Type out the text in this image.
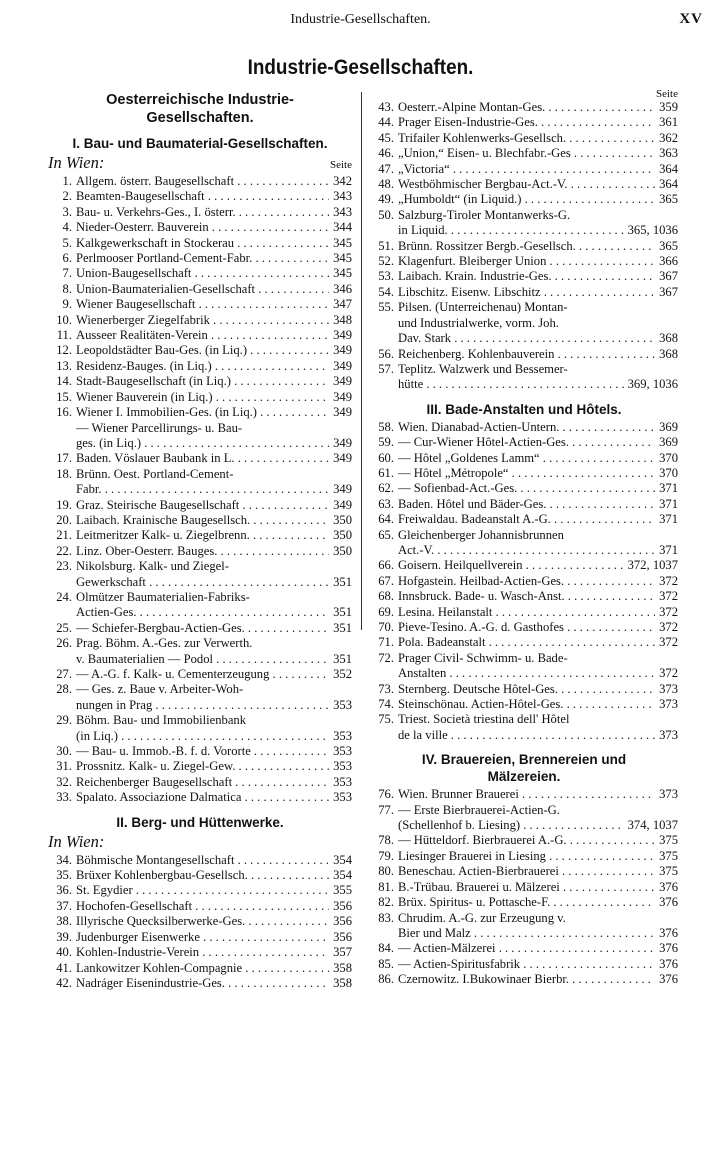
Industrie-Gesellschaften.	XV
Industrie-Gesellschaften.
Oesterreichische Industrie-
Gesellschaften.
I. Bau- und Baumaterial-Gesellschaften.
In Wien:	Seite
1. Allgem. österr. Baugesellschaft . . .	342
2. Beamten-Baugesellschaft . . .	343
3. Bau- u. Verkehrs-Ges., I. österr. . . .	343
4. Nieder-Oesterr. Bauverein . . .	344
5. Kalkgewerkschaft in Stockerau . . .	345
6. Perlmooser Portland-Cement-Fabr. . . .	345
7. Union-Baugesellschaft . . .	345
8. Union-Baumaterialien-Gesellschaft . . .	346
9. Wiener Baugesellschaft . . .	347
10. Wienerberger Ziegelfabrik . . .	348
11. Ausseer Realitäten-Verein . . .	349
12. Leopoldstädter Bau-Ges. (in Liq.) . . .	349
13. Residenz-Bauges. (in Liq.) . . .	349
14. Stadt-Baugesellschaft (in Liq.) . . .	349
15. Wiener Bauverein (in Liq.) . . .	349
16. Wiener I. Immobilien-Ges. (in Liq.) . . .	349
— Wiener Parcellirungs- u. Bau-
ges. (in Liq.) . . .	349
17. Baden. Vöslauer Baubank in L. . . .	349
18. Brünn. Oest. Portland-Cement-
Fabr. . . .	349
19. Graz. Steirische Baugesellschaft . . .	349
20. Laibach. Krainische Baugesellsch. . . .	350
21. Leitmeritzer Kalk- u. Ziegelbrenn. . . .	350
22. Linz. Ober-Oesterr. Bauges. . . .	350
23. Nikolsburg. Kalk- und Ziegel-
Gewerkschaft . . .	351
24. Olmützer Baumaterialien-Fabriks-
Actien-Ges. . . .	351
25. — Schiefer-Bergbau-Actien-Ges. . . .	351
26. Prag. Böhm. A.-Ges. zur Verwerth.
v. Baumaterialien — Podol . . .	351
27. — A.-G. f. Kalk- u. Cementerzeugung . . .	352
28. — Ges. z. Baue v. Arbeiter-Woh-
nungen in Prag . . .	353
29. Böhm. Bau- und Immobilienbank
(in Liq.) . . .	353
30. — Bau- u. Immob.-B. f. d. Vororte . . .	353
31. Prossnitz. Kalk- u. Ziegel-Gew. . . .	353
32. Reichenberger Baugesellschaft . . .	353
33. Spalato. Associazione Dalmatica . . .	353
II. Berg- und Hüttenwerke.
In Wien:
34. Böhmische Montangesellschaft . . .	354
35. Brüxer Kohlenbergbau-Gesellsch. . . .	354
36. St. Egydier . . .	355
37. Hochofen-Gesellschaft . . .	356
38. Illyrische Quecksilberwerke-Ges. . . .	356
39. Judenburger Eisenwerke . . .	356
40. Kohlen-Industrie-Verein . . .	357
41. Lankowitzer Kohlen-Compagnie . . .	358
42. Nadráger Eisenindustrie-Ges. . . .	358
Seite
43. Oesterr.-Alpine Montan-Ges. . . .	359
44. Prager Eisen-Industrie-Ges. . . .	361
45. Trifailer Kohlenwerks-Gesellsch. . . .	362
46. „Union,“ Eisen- u. Blechfabr.-Ges . . .	363
47. „Victoria“ . . .	364
48. Westböhmischer Bergbau-Act.-V. . . .	364
49. „Humboldt“ (in Liquid.) . . .	365
50. Salzburg-Tiroler Montanwerks-G.
in Liquid. . . .	365, 1036
51. Brünn. Rossitzer Bergb.-Gesellsch. . . .	365
52. Klagenfurt. Bleiberger Union . . .	366
53. Laibach. Krain. Industrie-Ges. . . .	367
54. Libschitz. Eisenw. Libschitz . . .	367
55. Pilsen. (Unterreichenau) Montan-
und Industrialwerke, vorm. Joh.
Dav. Stark . . .	368
56. Reichenberg. Kohlenbauverein . . .	368
57. Teplitz. Walzwerk und Bessemer-
hütte . . .	369, 1036
III. Bade-Anstalten und Hôtels.
58. Wien. Dianabad-Actien-Untern. . . .	369
59. — Cur-Wiener Hôtel-Actien-Ges. . . .	369
60. — Hôtel „Goldenes Lamm“ . . .	370
61. — Hôtel „Métropole“ . . .	370
62. — Sofienbad-Act.-Ges. . . .	371
63. Baden. Hôtel und Bäder-Ges. . . .	371
64. Freiwaldau. Badeanstalt A.-G. . . .	371
65. Gleichenberger Johannisbrunnen
Act.-V. . . .	371
66. Goisern. Heilquellverein . . .	372, 1037
67. Hofgastein. Heilbad-Actien-Ges. . . .	372
68. Innsbruck. Bade- u. Wasch-Anst. . . .	372
69. Lesina. Heilanstalt . . .	372
70. Pieve-Tesino. A.-G. d. Gasthofes . . .	372
71. Pola. Badeanstalt . . .	372
72. Prager Civil- Schwimm- u. Bade-
Anstalten . . .	372
73. Sternberg. Deutsche Hôtel-Ges. . . .	373
74. Steinschönau. Actien-Hôtel-Ges. . . .	373
75. Triest. Società triestina dell' Hôtel
de la ville . . .	373
IV. Brauereien, Brennereien und
Mälzereien.
76. Wien. Brunner Brauerei . . .	373
77. — Erste Bierbrauerei-Actien-G.
(Schellenhof b. Liesing) . . .	374, 1037
78. — Hütteldorf. Bierbrauerei A.-G. . . .	375
79. Liesinger Brauerei in Liesing . . .	375
80. Beneschau. Actien-Bierbrauerei . . .	375
81. B.-Trübau. Brauerei u. Mälzerei . . .	376
82. Brüx. Spiritus- u. Pottasche-F. . . .	376
83. Chrudim. A.-G. zur Erzeugung v.
Bier und Malz . . .	376
84. — Actien-Mälzerei . . .	376
85. — Actien-Spiritusfabrik . . .	376
86. Czernowitz. I.Bukowinaer Bierbr. . . .	376
